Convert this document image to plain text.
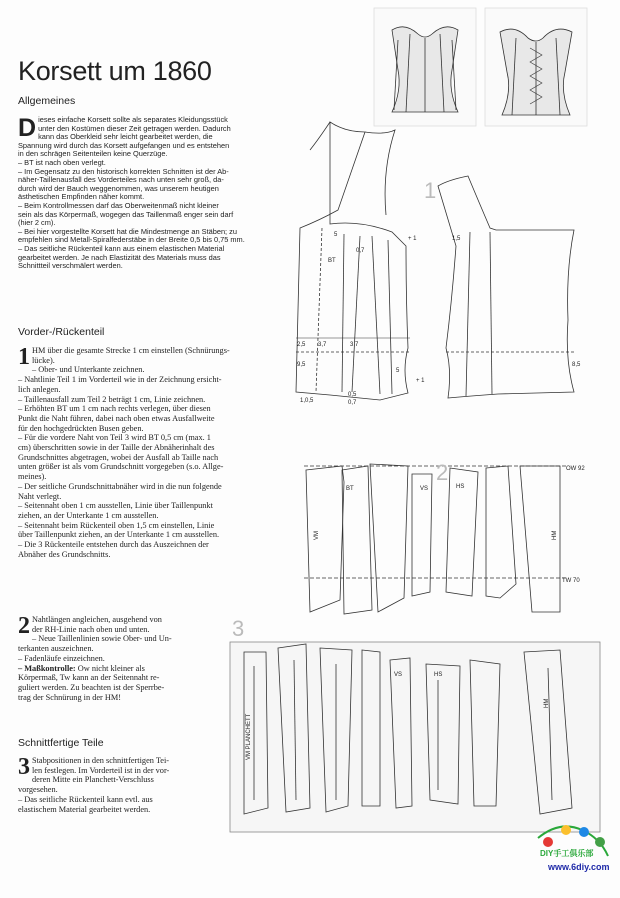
Korsett um 1860
Allgemeines
D ieses einfache Korsett sollte als separates Kleidungsstück
unter den Kostümen dieser Zeit getragen werden. Dadurch
kann das Oberkleid sehr leicht gearbeitet werden, die
Spannung wird durch das Korsett aufgefangen und es entstehen
in den schrägen Seitenteilen keine Querzüge.
– BT ist nach oben verlegt.
– Im Gegensatz zu den historisch korrekten Schnitten ist der Ab-
näher-Taillenausfall des Vorderteiles nach unten sehr groß, da-
durch wird der Bauch weggenommen, was unserem heutigen
ästhetischen Empfinden näher kommt.
– Beim Kontrollmessen darf das Oberweitenmaß nicht kleiner
sein als das Körpermaß, wogegen das Taillenmaß enger sein darf
(hier 2 cm).
– Bei hier vorgestellte Korsett hat die Mindestmenge an Stäben; zu
empfehlen sind Metall-Spiralfederstäbe in der Breite 0,5 bis 0,75 mm.
– Das seitliche Rückenteil kann aus einem elastischen Material
gearbeitet werden. Je nach Elastizität des Materials muss das
Schnittteil verschmälert werden.
Vorder-/Rückenteil
1 HM über die gesamte Strecke 1 cm einstellen (Schnürungs-
lücke).
– Ober- und Unterkante zeichnen.
– Nahtlinie Teil 1 im Vorderteil wie in der Zeichnung ersicht-
lich anlegen.
– Taillenausfall zum Teil 2 beträgt 1 cm, Linie zeichnen.
– Erhöhten BT um 1 cm nach rechts verlegen, über diesen
Punkt die Naht führen, dabei nach oben etwas Ausfallweite
für den hochgedrückten Busen geben.
– Für die vordere Naht von Teil 3 wird BT 0,5 cm (max. 1
cm) überschritten sowie in der Taille der Abnäherinhalt des
Grundschnittes abgetragen, wobei der Ausfall ab Taille nach
unten größer ist als vom Grundschnitt vorgegeben (s.o. Allge-
meines).
– Der seitliche Grundschnittabnäher wird in die nun folgende
Naht verlegt.
– Seitennaht oben 1 cm ausstellen, Linie über Taillenpunkt
ziehen, an der Unterkante 1 cm ausstellen.
– Seitennaht beim Rückenteil oben 1,5 cm einstellen, Linie
über Taillenpunkt ziehen, an der Unterkante 1 cm ausstellen.
– Die 3 Rückenteile entstehen durch das Auszeichnen der
Abnäher des Grundschnitts.
2 Nahtlängen angleichen, ausgehend von
der RH-Linie nach oben und unten.
– Neue Taillenlinien sowie Ober- und Un-
terkanten auszeichnen.
– Fadenläufe einzeichnen.
– Maßkontrolle: Ow nicht kleiner als
Körpermaß, Tw kann an der Seitennaht re-
guliert werden. Zu beachten ist der Sperrbe-
trag der Schnürung in der HM!
Schnittfertige Teile
3 Stabpositionen in den schnittfertigen Tei-
len festlegen. Im Vorderteil ist in der vor-
deren Mitte ein Planchett-Verschluss
vorgesehen.
– Das seitliche Rückenteil kann evtl. aus
elastischem Material gearbeitet werden.
1
2
3
5
BT
0,7
+ 1	1,5
2,5 3,7	3,7
9,5
5
+ 1
1,0,5
0,5
0,7
8,5
OW 92
TW 70
BT	VS	HS
VM	HM
VM PLANCHETT
VS	HS
HM
DIY手工俱乐部
www.6diy.com
